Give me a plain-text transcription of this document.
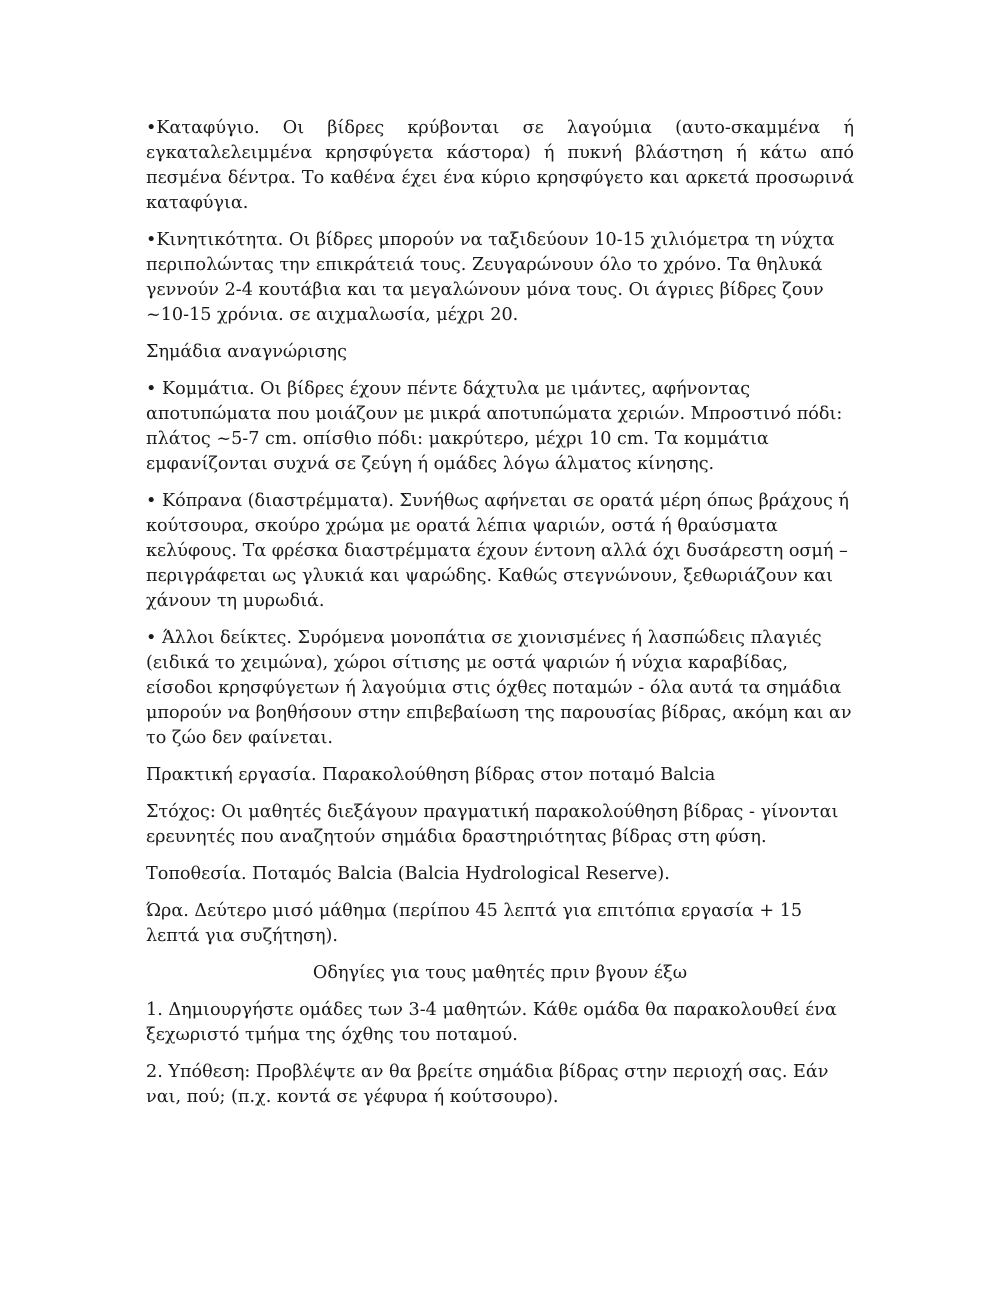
•Καταφύγιο. Οι βίδρες κρύβονται σε λαγούμια (αυτο-σκαμμένα ή εγκαταλελειμμένα κρησφύγετα κάστορα) ή πυκνή βλάστηση ή κάτω από πεσμένα δέντρα. Το καθένα έχει ένα κύριο κρησφύγετο και αρκετά προσωρινά καταφύγια.

•Κινητικότητα. Οι βίδρες μπορούν να ταξιδεύουν 10-15 χιλιόμετρα τη νύχτα περιπολώντας την επικράτειά τους. Ζευγαρώνουν όλο το χρόνο. Τα θηλυκά γεννούν 2-4 κουτάβια και τα μεγαλώνουν μόνα τους. Οι άγριες βίδρες ζουν ~10-15 χρόνια. σε αιχμαλωσία, μέχρι 20.

Σημάδια αναγνώρισης

• Κομμάτια. Οι βίδρες έχουν πέντε δάχτυλα με ιμάντες, αφήνοντας αποτυπώματα που μοιάζουν με μικρά αποτυπώματα χεριών. Μπροστινό πόδι: πλάτος ~5-7 cm. οπίσθιο πόδι: μακρύτερο, μέχρι 10 cm. Τα κομμάτια εμφανίζονται συχνά σε ζεύγη ή ομάδες λόγω άλματος κίνησης.

• Κόπρανα (διαστρέμματα). Συνήθως αφήνεται σε ορατά μέρη όπως βράχους ή κούτσουρα, σκούρο χρώμα με ορατά λέπια ψαριών, οστά ή θραύσματα κελύφους. Τα φρέσκα διαστρέμματα έχουν έντονη αλλά όχι δυσάρεστη οσμή – περιγράφεται ως γλυκιά και ψαρώδης. Καθώς στεγνώνουν, ξεθωριάζουν και χάνουν τη μυρωδιά.

• Άλλοι δείκτες. Συρόμενα μονοπάτια σε χιονισμένες ή λασπώδεις πλαγιές (ειδικά το χειμώνα), χώροι σίτισης με οστά ψαριών ή νύχια καραβίδας, είσοδοι κρησφύγετων ή λαγούμια στις όχθες ποταμών - όλα αυτά τα σημάδια μπορούν να βοηθήσουν στην επιβεβαίωση της παρουσίας βίδρας, ακόμη και αν το ζώο δεν φαίνεται.

Πρακτική εργασία. Παρακολούθηση βίδρας στον ποταμό Balcia

Στόχος: Οι μαθητές διεξάγουν πραγματική παρακολούθηση βίδρας - γίνονται ερευνητές που αναζητούν σημάδια δραστηριότητας βίδρας στη φύση.

Τοποθεσία. Ποταμός Balcia (Balcia Hydrological Reserve).

Ώρα. Δεύτερο μισό μάθημα (περίπου 45 λεπτά για επιτόπια εργασία + 15 λεπτά για συζήτηση).

Οδηγίες για τους μαθητές πριν βγουν έξω

1. Δημιουργήστε ομάδες των 3-4 μαθητών. Κάθε ομάδα θα παρακολουθεί ένα ξεχωριστό τμήμα της όχθης του ποταμού.

2. Υπόθεση: Προβλέψτε αν θα βρείτε σημάδια βίδρας στην περιοχή σας. Εάν ναι, πού; (π.χ. κοντά σε γέφυρα ή κούτσουρο).
